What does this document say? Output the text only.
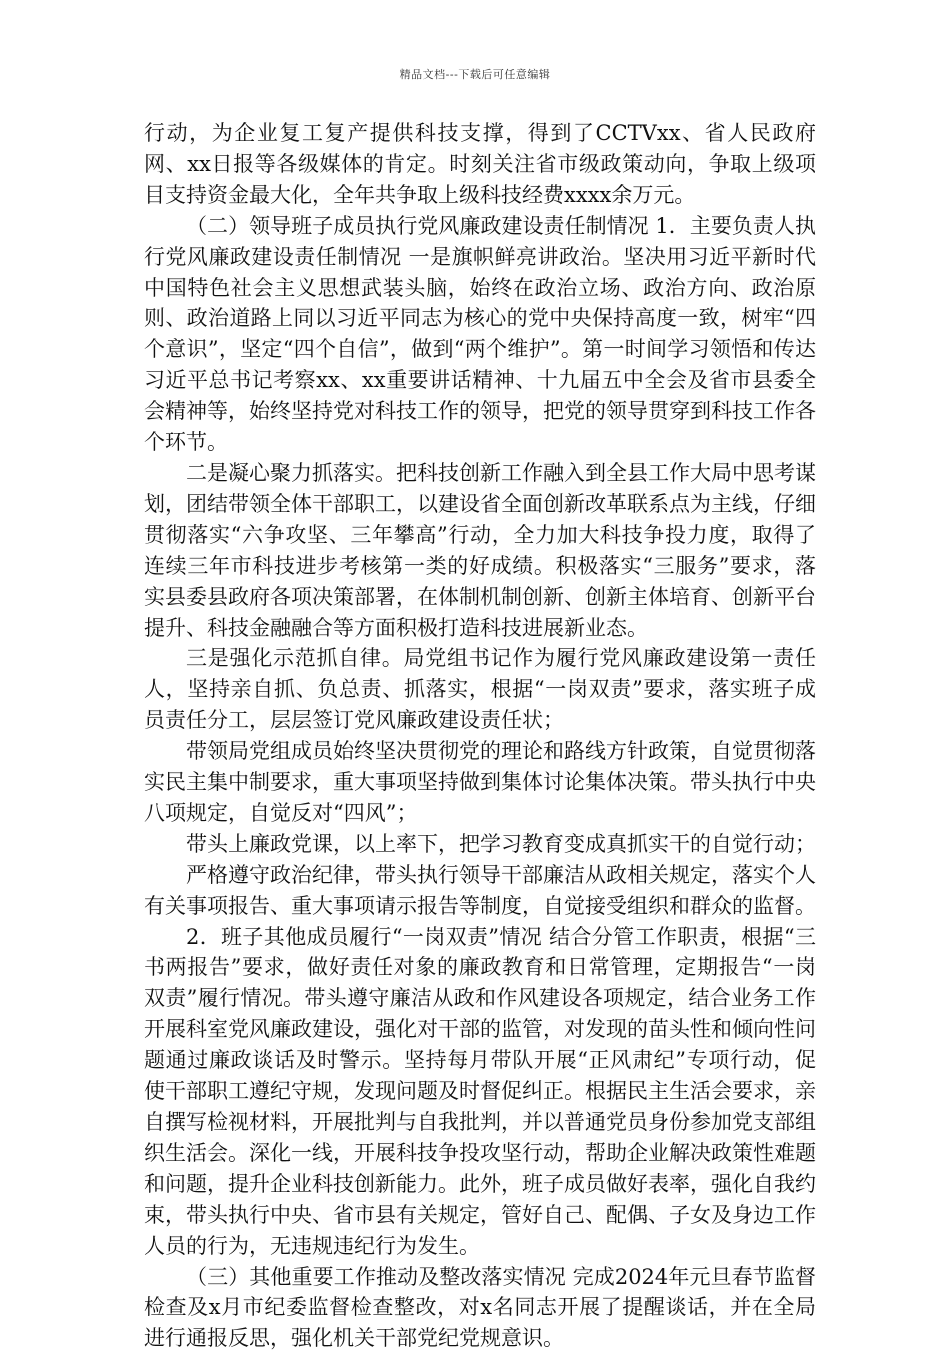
精品文档---下载后可任意编辑

行动，为企业复工复产提供科技支撑，得到了CCTVxx、省人民政府网、xx日报等各级媒体的肯定。时刻关注省市级政策动向，争取上级项目支持资金最大化，全年共争取上级科技经费xxxx余万元。

（二）领导班子成员执行党风廉政建设责任制情况 1．主要负责人执行党风廉政建设责任制情况 一是旗帜鲜亮讲政治。坚决用习近平新时代中国特色社会主义思想武装头脑，始终在政治立场、政治方向、政治原则、政治道路上同以习近平同志为核心的党中央保持高度一致，树牢“四个意识”，坚定“四个自信”，做到“两个维护”。第一时间学习领悟和传达习近平总书记考察xx、xx重要讲话精神、十九届五中全会及省市县委全会精神等，始终坚持党对科技工作的领导，把党的领导贯穿到科技工作各个环节。

二是凝心聚力抓落实。把科技创新工作融入到全县工作大局中思考谋划，团结带领全体干部职工，以建设省全面创新改革联系点为主线，仔细贯彻落实“六争攻坚、三年攀高”行动，全力加大科技争投力度，取得了连续三年市科技进步考核第一类的好成绩。积极落实“三服务”要求，落实县委县政府各项决策部署，在体制机制创新、创新主体培育、创新平台提升、科技金融融合等方面积极打造科技进展新业态。

三是强化示范抓自律。局党组书记作为履行党风廉政建设第一责任人，坚持亲自抓、负总责、抓落实，根据“一岗双责”要求，落实班子成员责任分工，层层签订党风廉政建设责任状；

带领局党组成员始终坚决贯彻党的理论和路线方针政策，自觉贯彻落实民主集中制要求，重大事项坚持做到集体讨论集体决策。带头执行中央八项规定，自觉反对“四风”；

带头上廉政党课，以上率下，把学习教育变成真抓实干的自觉行动；

严格遵守政治纪律，带头执行领导干部廉洁从政相关规定，落实个人有关事项报告、重大事项请示报告等制度，自觉接受组织和群众的监督。

2．班子其他成员履行“一岗双责”情况 结合分管工作职责，根据“三书两报告”要求，做好责任对象的廉政教育和日常管理，定期报告“一岗双责”履行情况。带头遵守廉洁从政和作风建设各项规定，结合业务工作开展科室党风廉政建设，强化对干部的监管，对发现的苗头性和倾向性问题通过廉政谈话及时警示。坚持每月带队开展“正风肃纪”专项行动，促使干部职工遵纪守规，发现问题及时督促纠正。根据民主生活会要求，亲自撰写检视材料，开展批判与自我批判，并以普通党员身份参加党支部组织生活会。深化一线，开展科技争投攻坚行动，帮助企业解决政策性难题和问题，提升企业科技创新能力。此外，班子成员做好表率，强化自我约束，带头执行中央、省市县有关规定，管好自己、配偶、子女及身边工作人员的行为，无违规违纪行为发生。

（三）其他重要工作推动及整改落实情况 完成2024年元旦春节监督检查及x月市纪委监督检查整改，对x名同志开展了提醒谈话，并在全局进行通报反思，强化机关干部党纪党规意识。
